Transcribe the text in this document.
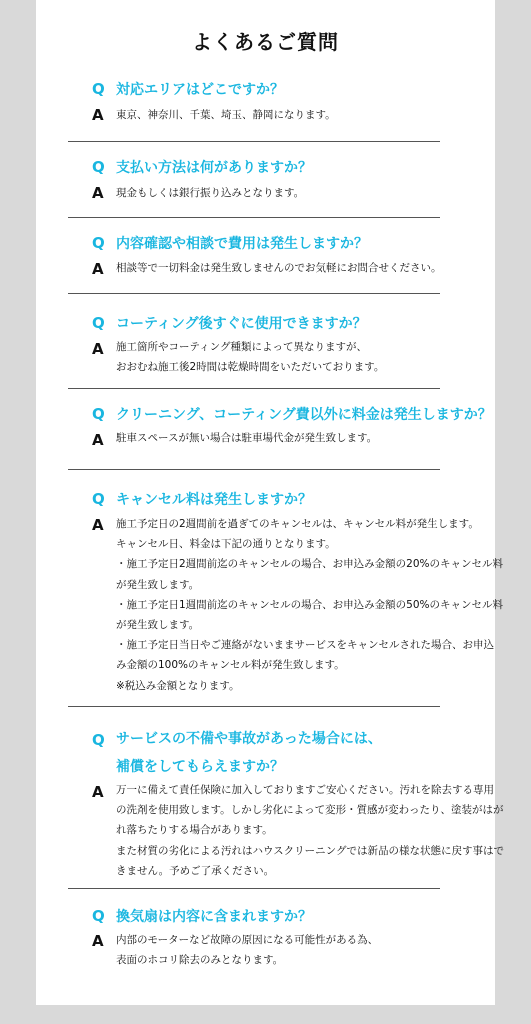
よくあるご質問
Q 対応エリアはどこですか？
A 東京、神奈川、千葉、埼玉、静岡になります。
Q 支払い方法は何がありますか？
A 現金もしくは銀行振り込みとなります。
Q 内容確認や相談で費用は発生しますか？
A 相談等で一切料金は発生致しませんのでお気軽にお問合せください。
Q コーティング後すぐに使用できますか？
A 施工箇所やコーティング種類によって異なりますが、
おおむね施工後2時間は乾燥時間をいただいております。
Q クリーニング、コーティング費以外に料金は発生しますか？
A 駐車スペースが無い場合は駐車場代金が発生致します。
Q キャンセル料は発生しますか？
A 施工予定日の2週間前を過ぎてのキャンセルは、キャンセル料が発生します。
キャンセル日、料金は下記の通りとなります。
・施工予定日2週間前迄のキャンセルの場合、お申込み金額の20%のキャンセル料が発生致します。
・施工予定日1週間前迄のキャンセルの場合、お申込み金額の50%のキャンセル料が発生致します。
・施工予定日当日やご連絡がないままサービスをキャンセルされた場合、お申込み金額の100%のキャンセル料が発生致します。
※税込み金額となります。
Q サービスの不備や事故があった場合には、
補償をしてもらえますか？
A 万一に備えて責任保険に加入しておりますご安心ください。汚れを除去する専用の洗剤を使用致します。しかし劣化によって変形・質感が変わったり、塗装がはがれ落ちたりする場合があります。
また材質の劣化による汚れはハウスクリーニングでは新品の様な状態に戻す事はできません。予めご了承ください。
Q 換気扇は内容に含まれますか？
A 内部のモーターなど故障の原因になる可能性がある為、
表面のホコリ除去のみとなります。
